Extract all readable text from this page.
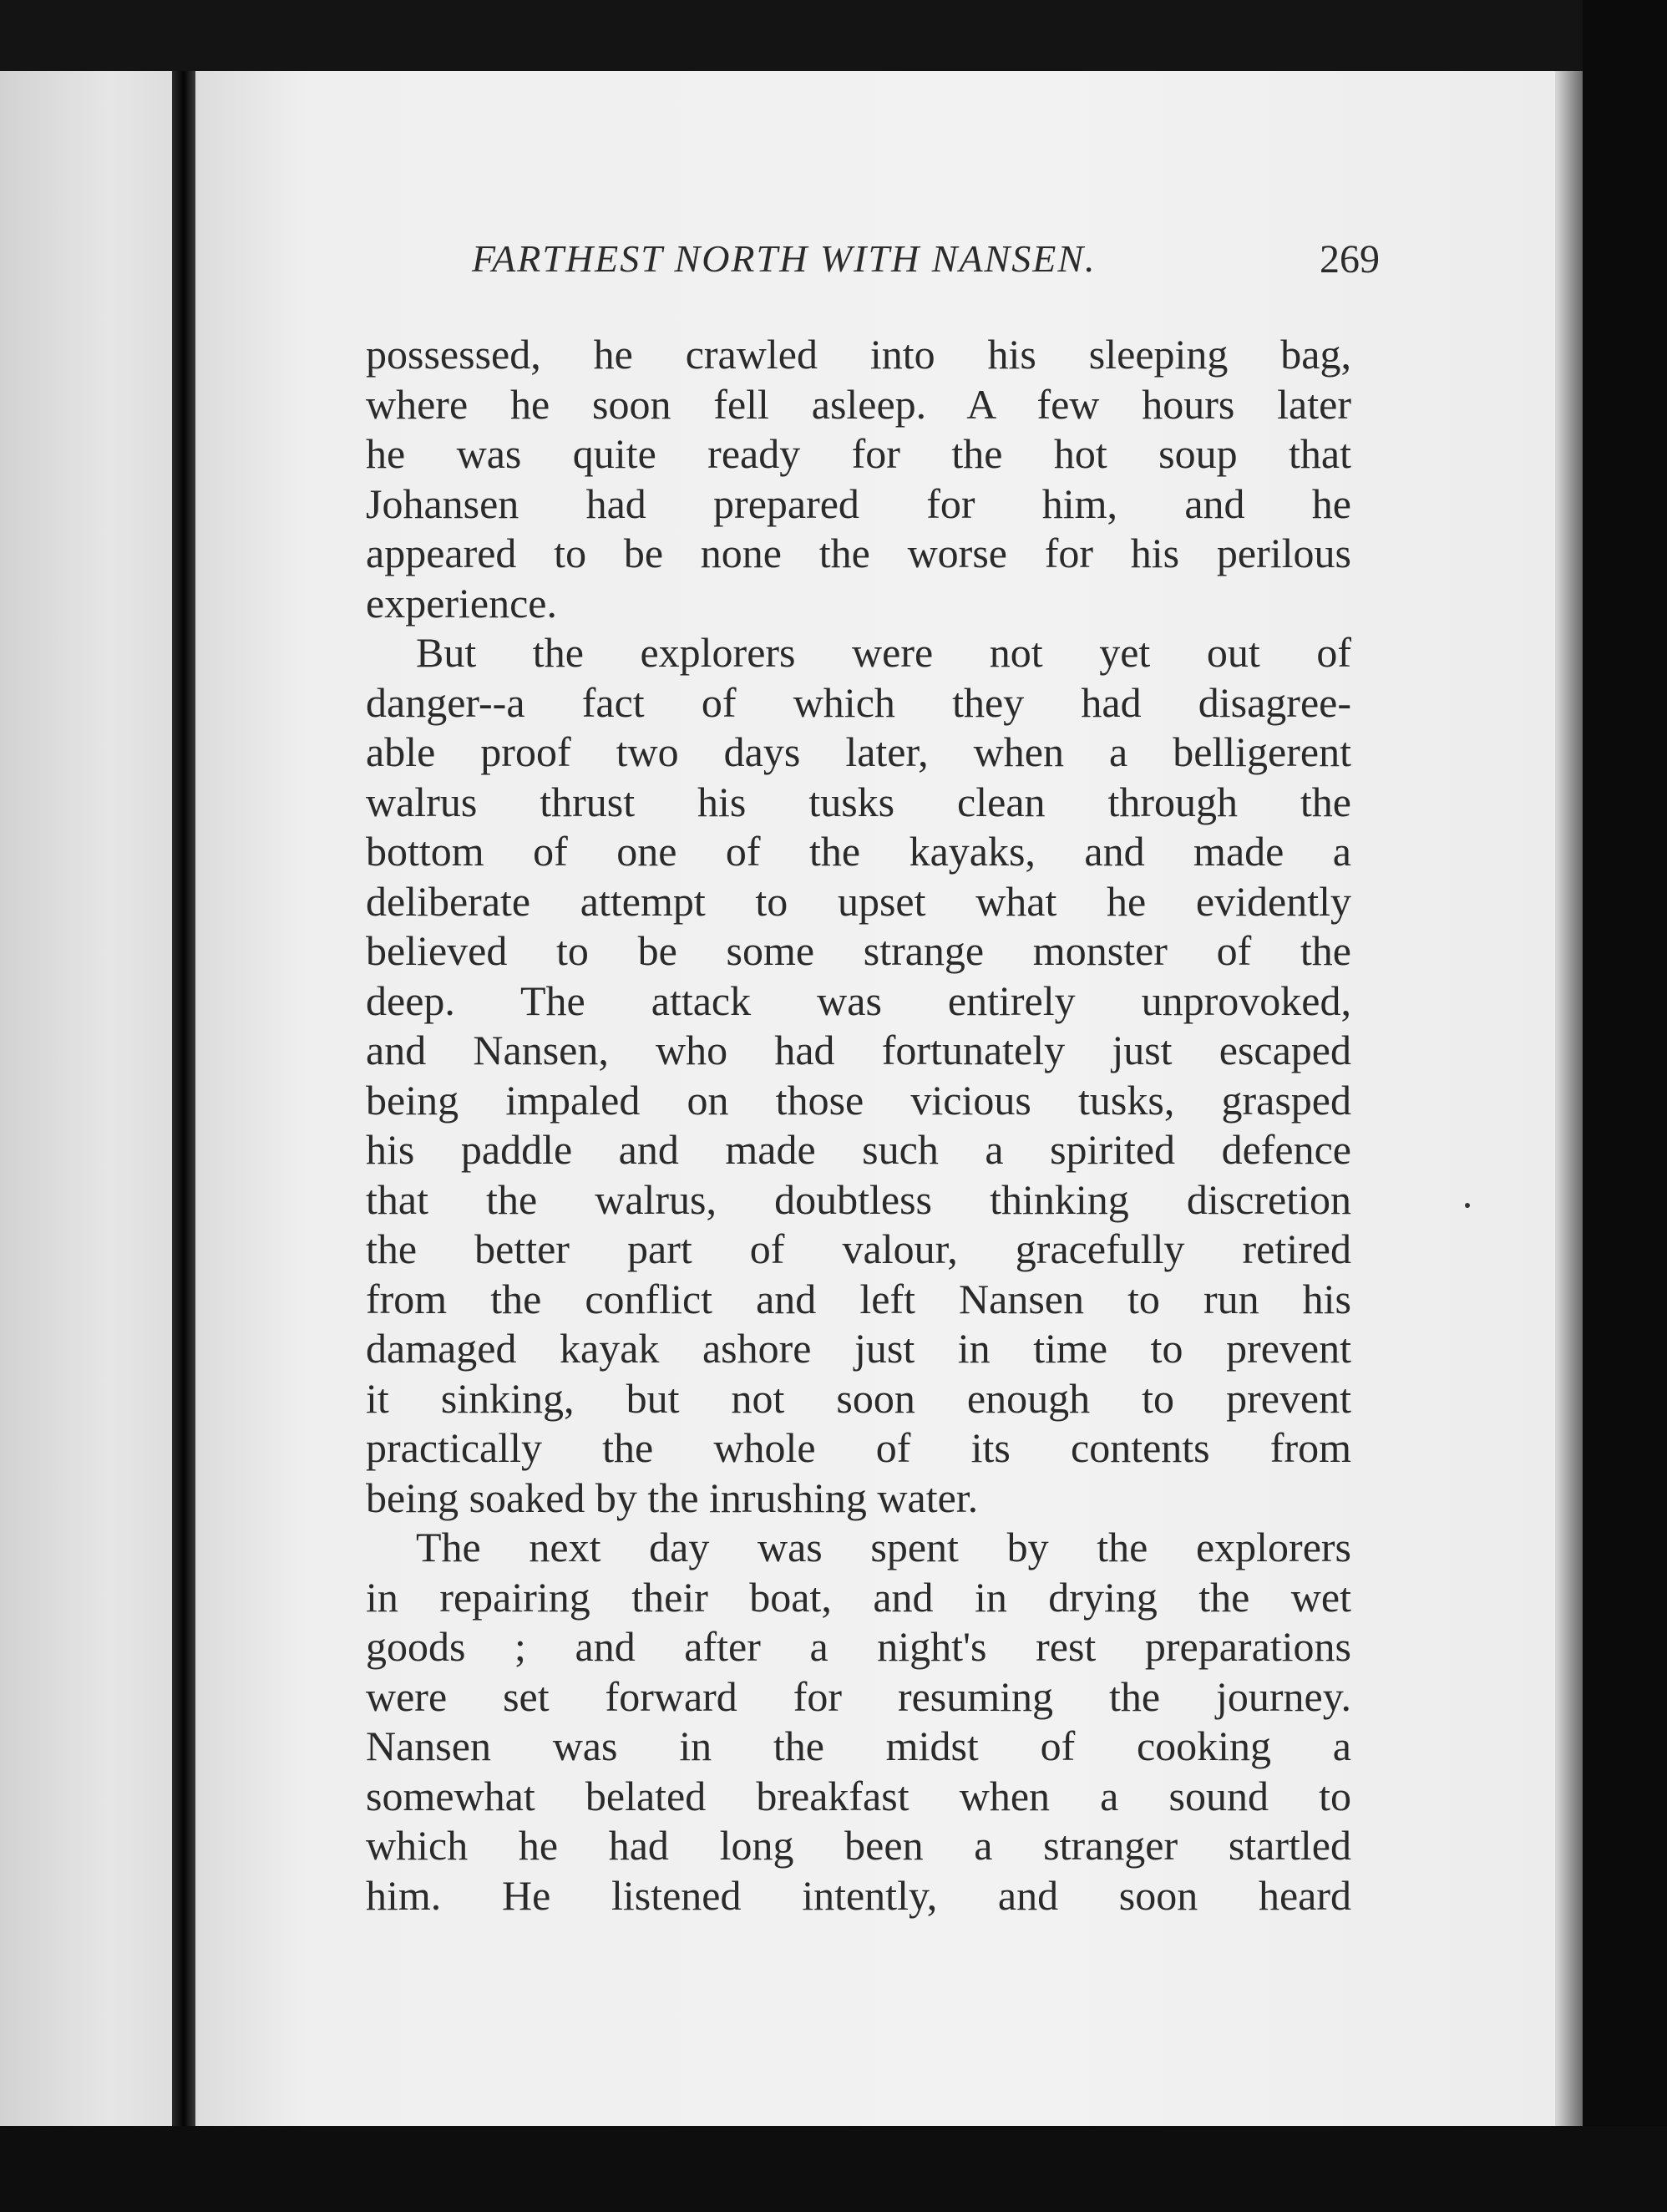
FARTHEST NORTH WITH NANSEN.	269
possessed, he crawled into his sleeping bag,
where he soon fell asleep. A few hours later
he was quite ready for the hot soup that
Johansen had prepared for him, and he
appeared to be none the worse for his perilous
experience.
But the explorers were not yet out of
danger--a fact of which they had disagree-
able proof two days later, when a belligerent
walrus thrust his tusks clean through the
bottom of one of the kayaks, and made a
deliberate attempt to upset what he evidently
believed to be some strange monster of the
deep. The attack was entirely unprovoked,
and Nansen, who had fortunately just escaped
being impaled on those vicious tusks, grasped
his paddle and made such a spirited defence
that the walrus, doubtless thinking discretion
the better part of valour, gracefully retired
from the conflict and left Nansen to run his
damaged kayak ashore just in time to prevent
it sinking, but not soon enough to prevent
practically the whole of its contents from
being soaked by the inrushing water.
The next day was spent by the explorers
in repairing their boat, and in drying the wet
goods ; and after a night's rest preparations
were set forward for resuming the journey.
Nansen was in the midst of cooking a
somewhat belated breakfast when a sound to
which he had long been a stranger startled
him. He listened intently, and soon heard
